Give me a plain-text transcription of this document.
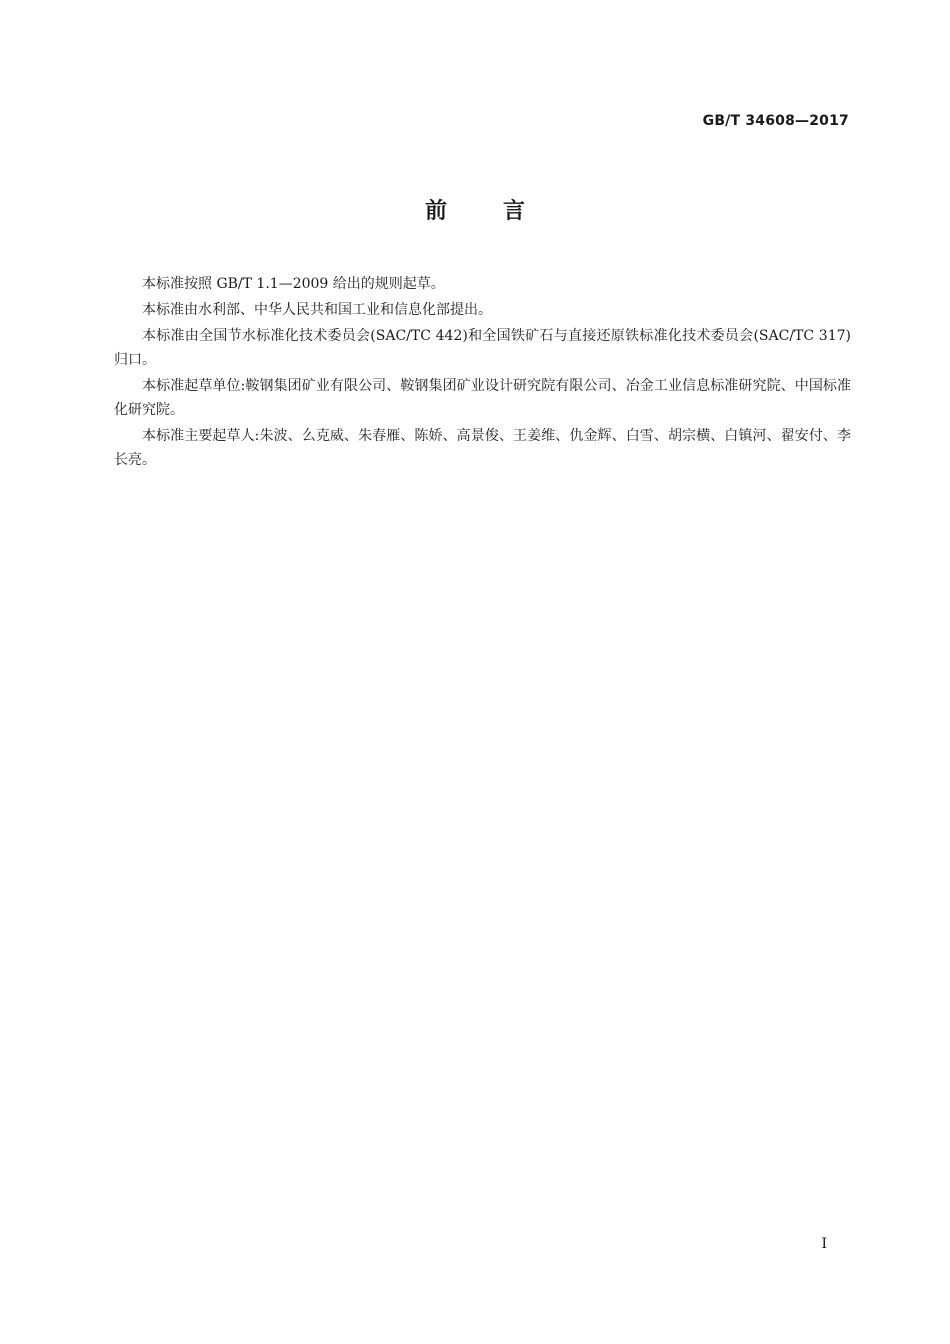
GB/T 34608—2017
前言

本标准按照 GB/T 1.1—2009 给出的规则起草。

本标准由水利部、中华人民共和国工业和信息化部提出。

本标准由全国节水标准化技术委员会(SAC/TC 442)和全国铁矿石与直接还原铁标准化技术委员会(SAC/TC 317)归口。

本标准起草单位:鞍钢集团矿业有限公司、鞍钢集团矿业设计研究院有限公司、冶金工业信息标准研究院、中国标准化研究院。

本标准主要起草人:朱波、么克威、朱春雁、陈娇、高景俊、王姜维、仇金辉、白雪、胡宗横、白镇河、翟安付、李长亮。

I
